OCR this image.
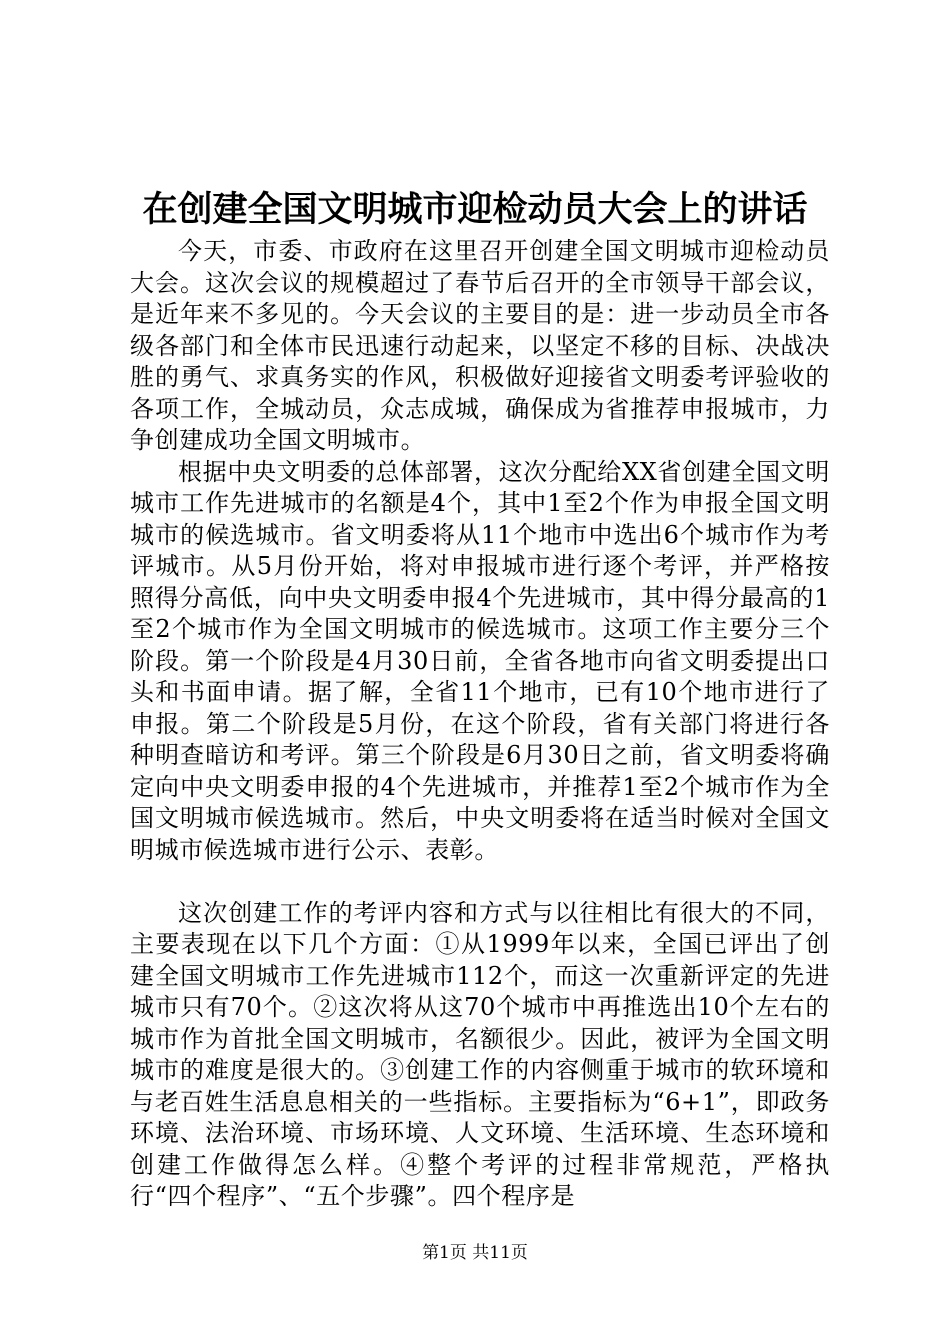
在创建全国文明城市迎检动员大会上的讲话

今天，市委、市政府在这里召开创建全国文明城市迎检动员大会。这次会议的规模超过了春节后召开的全市领导干部会议，是近年来不多见的。今天会议的主要目的是：进一步动员全市各级各部门和全体市民迅速行动起来，以坚定不移的目标、决战决胜的勇气、求真务实的作风，积极做好迎接省文明委考评验收的各项工作，全城动员，众志成城，确保成为省推荐申报城市，力争创建成功全国文明城市。

根据中央文明委的总体部署，这次分配给XX省创建全国文明城市工作先进城市的名额是4个，其中1至2个作为申报全国文明城市的候选城市。省文明委将从11个地市中选出6个城市作为考评城市。从5月份开始，将对申报城市进行逐个考评，并严格按照得分高低，向中央文明委申报4个先进城市，其中得分最高的1至2个城市作为全国文明城市的候选城市。这项工作主要分三个阶段。第一个阶段是4月30日前，全省各地市向省文明委提出口头和书面申请。据了解，全省11个地市，已有10个地市进行了申报。第二个阶段是5月份，在这个阶段，省有关部门将进行各种明查暗访和考评。第三个阶段是6月30日之前，省文明委将确定向中央文明委申报的4个先进城市，并推荐1至2个城市作为全国文明城市候选城市。然后，中央文明委将在适当时候对全国文明城市候选城市进行公示、表彰。

这次创建工作的考评内容和方式与以往相比有很大的不同，主要表现在以下几个方面：①从1999年以来，全国已评出了创建全国文明城市工作先进城市112个，而这一次重新评定的先进城市只有70个。②这次将从这70个城市中再推选出10个左右的城市作为首批全国文明城市，名额很少。因此，被评为全国文明城市的难度是很大的。③创建工作的内容侧重于城市的软环境和与老百姓生活息息相关的一些指标。主要指标为“6+1”，即政务环境、法治环境、市场环境、人文环境、生活环境、生态环境和创建工作做得怎么样。④整个考评的过程非常规范，严格执行“四个程序”、“五个步骤”。四个程序是

第1页 共11页
